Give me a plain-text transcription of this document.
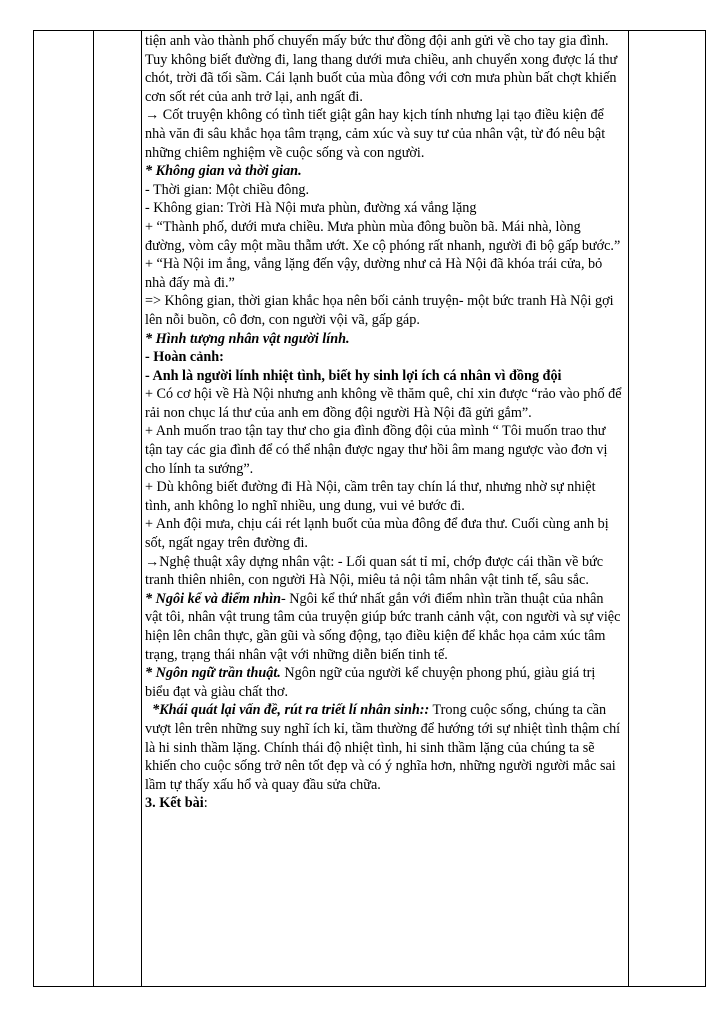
tiện anh vào thành phố chuyển mấy bức thư đồng đội anh gửi về cho tay gia đình. Tuy không biết đường đi, lang thang dưới mưa chiều, anh chuyển xong được lá thư chót, trời đã tối sầm. Cái lạnh buốt của mùa đông với cơn mưa phùn bất chợt khiến cơn sốt rét của anh trở lại, anh ngất đi.

→ Cốt truyện không có tình tiết giật gân hay kịch tính nhưng lại tạo điều kiện để nhà văn đi sâu khắc họa tâm trạng, cảm xúc và suy tư của nhân vật, từ đó nêu bật những chiêm nghiệm về cuộc sống và con người.

* Không gian và thời gian.

- Thời gian: Một chiều đông.

- Không gian: Trời Hà Nội mưa phùn, đường xá vắng lặng

+ “Thành phố, dưới mưa chiều. Mưa phùn mùa đông buồn bã. Mái nhà, lòng đường, vòm cây một mầu thẫm ướt. Xe cộ phóng rất nhanh, người đi bộ gấp bước.”

+ “Hà Nội im ắng, vắng lặng đến vậy, dường như cả Hà Nội đã khóa trái cửa, bỏ nhà đấy mà đi.”

=> Không gian, thời gian khắc họa nên bối cảnh truyện- một bức tranh Hà Nội gợi lên nỗi buồn, cô đơn, con người vội vã, gấp gáp.

* Hình tượng nhân vật người lính.

- Hoàn cảnh:

- Anh là người lính nhiệt tình, biết hy sinh lợi ích cá nhân vì đồng đội

+ Có cơ hội về Hà Nội nhưng anh không về thăm quê, chỉ xin được “rảo vào phố để rải non chục lá thư của anh em đồng đội người Hà Nội đã gửi gắm”.

+ Anh muốn trao tận tay thư cho gia đình đồng đội của mình “ Tôi muốn trao thư tận tay các gia đình để có thể nhận được ngay thư hồi âm mang ngược vào đơn vị cho lính ta sướng”.

+ Dù không biết đường đi Hà Nội, cầm trên tay chín lá thư, nhưng nhờ sự nhiệt tình, anh không lo nghĩ nhiều, ung dung, vui vẻ bước đi.

+ Anh đội mưa, chịu cái rét lạnh buốt của mùa đông để đưa thư. Cuối cùng anh bị sốt, ngất ngay trên đường đi.

→Nghệ thuật xây dựng nhân vật: - Lối quan sát tỉ mỉ, chớp được cái thần về bức tranh thiên nhiên, con người Hà Nội, miêu tả nội tâm nhân vật tinh tế, sâu sắc.

* Ngôi kể và điểm nhìn- Ngôi kể thứ nhất gắn với điểm nhìn trần thuật của nhân vật tôi, nhân vật trung tâm của truyện giúp bức tranh cảnh vật, con người và sự việc hiện lên chân thực, gần gũi và sống động, tạo điều kiện để khắc họa cảm xúc tâm trạng, trạng thái nhân vật với những diễn biến tinh tế.

* Ngôn ngữ trần thuật. Ngôn ngữ của người kể chuyện phong phú, giàu giá trị biểu đạt và giàu chất thơ.

*Khái quát lại vấn đề, rút ra triết lí nhân sinh:: Trong cuộc sống, chúng ta cần vượt lên trên những suy nghĩ ích kỉ, tầm thường để hướng tới sự nhiệt tình thậm chí là hi sinh thầm lặng. Chính thái độ nhiệt tình, hi sinh thầm lặng của chúng ta sẽ khiến cho cuộc sống trở nên tốt đẹp và có ý nghĩa hơn, những người người mắc sai lầm tự thấy xấu hổ và quay đầu sửa chữa.

3. Kết bài:
